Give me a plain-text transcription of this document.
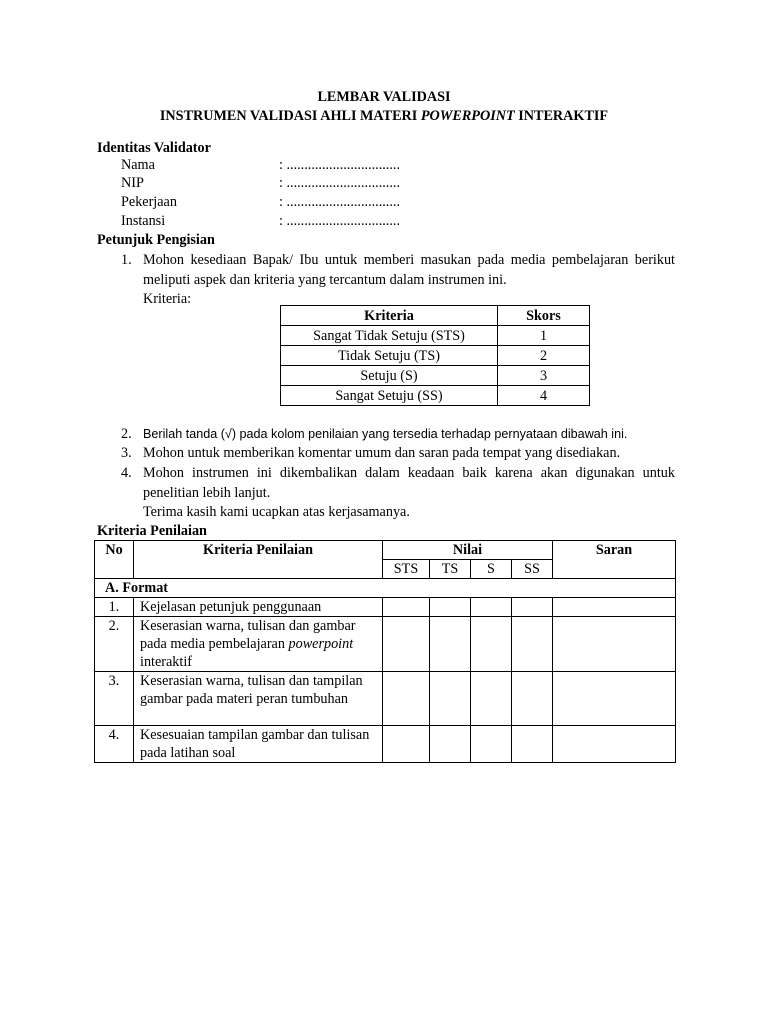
LEMBAR VALIDASI
INSTRUMEN VALIDASI AHLI MATERI POWERPOINT INTERAKTIF
Identitas Validator
Nama	: ................................
NIP	: ................................
Pekerjaan	: ................................
Instansi	: ................................
Petunjuk Pengisian
1. Mohon kesediaan Bapak/ Ibu untuk memberi masukan pada media pembelajaran berikut meliputi aspek dan kriteria yang tercantum dalam instrumen ini.
Kriteria:
Kriteria	Skors
Sangat Tidak Setuju (STS)	1
Tidak Setuju (TS)	2
Setuju (S)	3
Sangat Setuju (SS)	4
2. Berilah tanda (√) pada kolom penilaian yang tersedia terhadap pernyataan dibawah ini.
3. Mohon untuk memberikan komentar umum dan saran pada tempat yang disediakan.
4. Mohon instrumen ini dikembalikan dalam keadaan baik karena akan digunakan untuk penelitian lebih lanjut.
Terima kasih kami ucapkan atas kerjasamanya.
Kriteria Penilaian
No	Kriteria Penilaian	Nilai				Saran
		STS	TS	S	SS	
A. Format						
1.	Kejelasan petunjuk penggunaan					
2.	Keserasian warna, tulisan dan gambar pada media pembelajaran powerpoint interaktif					
3.	Keserasian warna, tulisan dan tampilan gambar pada materi peran tumbuhan					
4.	Kesesuaian tampilan gambar dan tulisan pada latihan soal					
